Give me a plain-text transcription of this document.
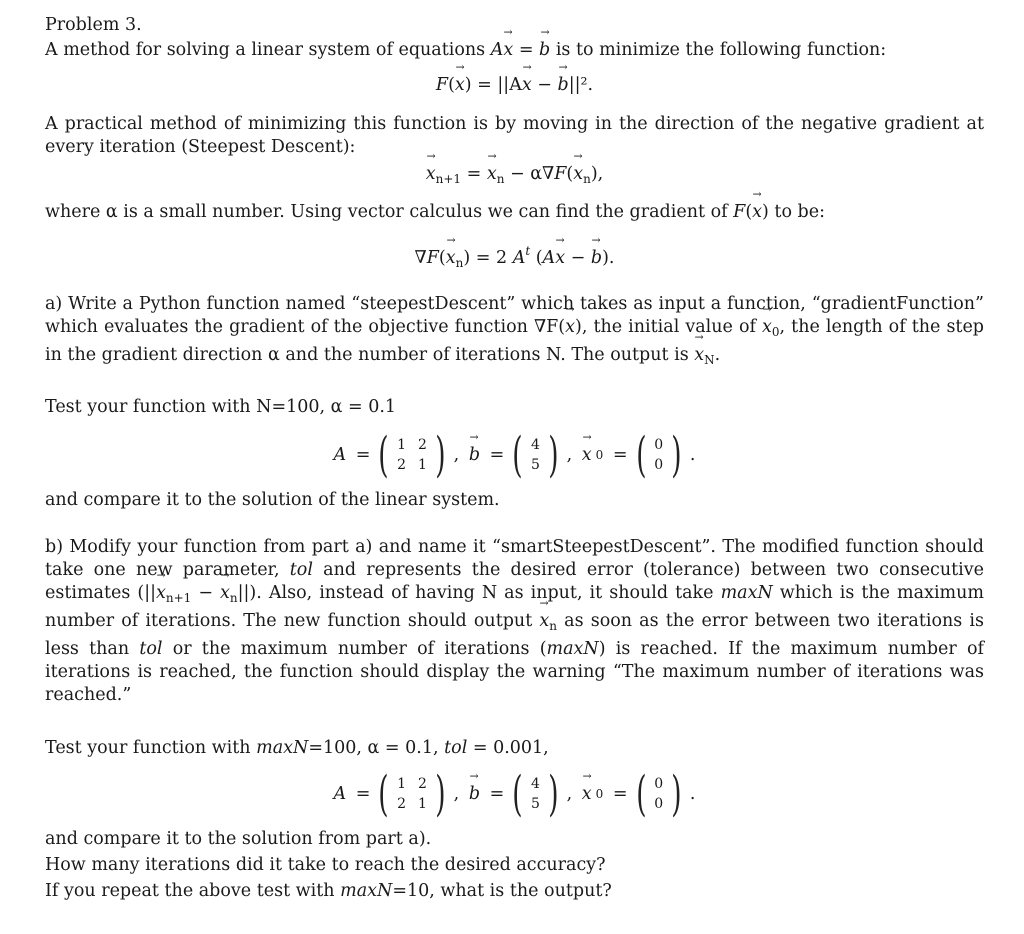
Problem 3.

A method for solving a linear system of equations A→ x = → b is to minimize the following function:

F(→ x) = ||A→ x − → b||².

A practical method of minimizing this function is by moving in the direction of the negative gradient at every iteration (Steepest Descent):

→ $x_{n+1}$ = → $x_n - \alpha\nabla F(\to x_n)$,

where α is a small number. Using vector calculus we can find the gradient of F(→ x) to be:

$\nabla F(\to x_n) = 2$ $A^t$ (A→ x − → b).

a) Write a Python function named “steepestDescent” which takes as input a function, “gradientFunction” which evaluates the gradient of the objective function ∇F(→ x), the initial value of → $x_0$, the length of the step in the gradient direction α and the number of iterations N. The output is → $x_N$.

Test your function with N=100, α = 0.1

A = ( 1 2
2 1 ) , → b = ( 4
5 ) , → x 0 = ( 0
0 ) .

and compare it to the solution of the linear system.

b) Modify your function from part a) and name it “smartSteepestDescent”. The modified function should take one new parameter, tol and represents the desired error (tolerance) between two consecutive estimates (||→ $x_{n+1}$ − → $x_n||$). Also, instead of having N as input, it should take maxN which is the maximum number of iterations. The new function should output → $x_n$ as soon as the error between two iterations is less than tol or the maximum number of iterations (maxN) is reached. If the maximum number of iterations is reached, the function should display the warning “The maximum number of iterations was reached.”

Test your function with maxN=100, α = 0.1, tol = 0.001,

A = ( 1 2
2 1 ) , → b = ( 4
5 ) , → x 0 = ( 0
0 ) .

and compare it to the solution from part a).

How many iterations did it take to reach the desired accuracy?

If you repeat the above test with maxN=10, what is the output?
